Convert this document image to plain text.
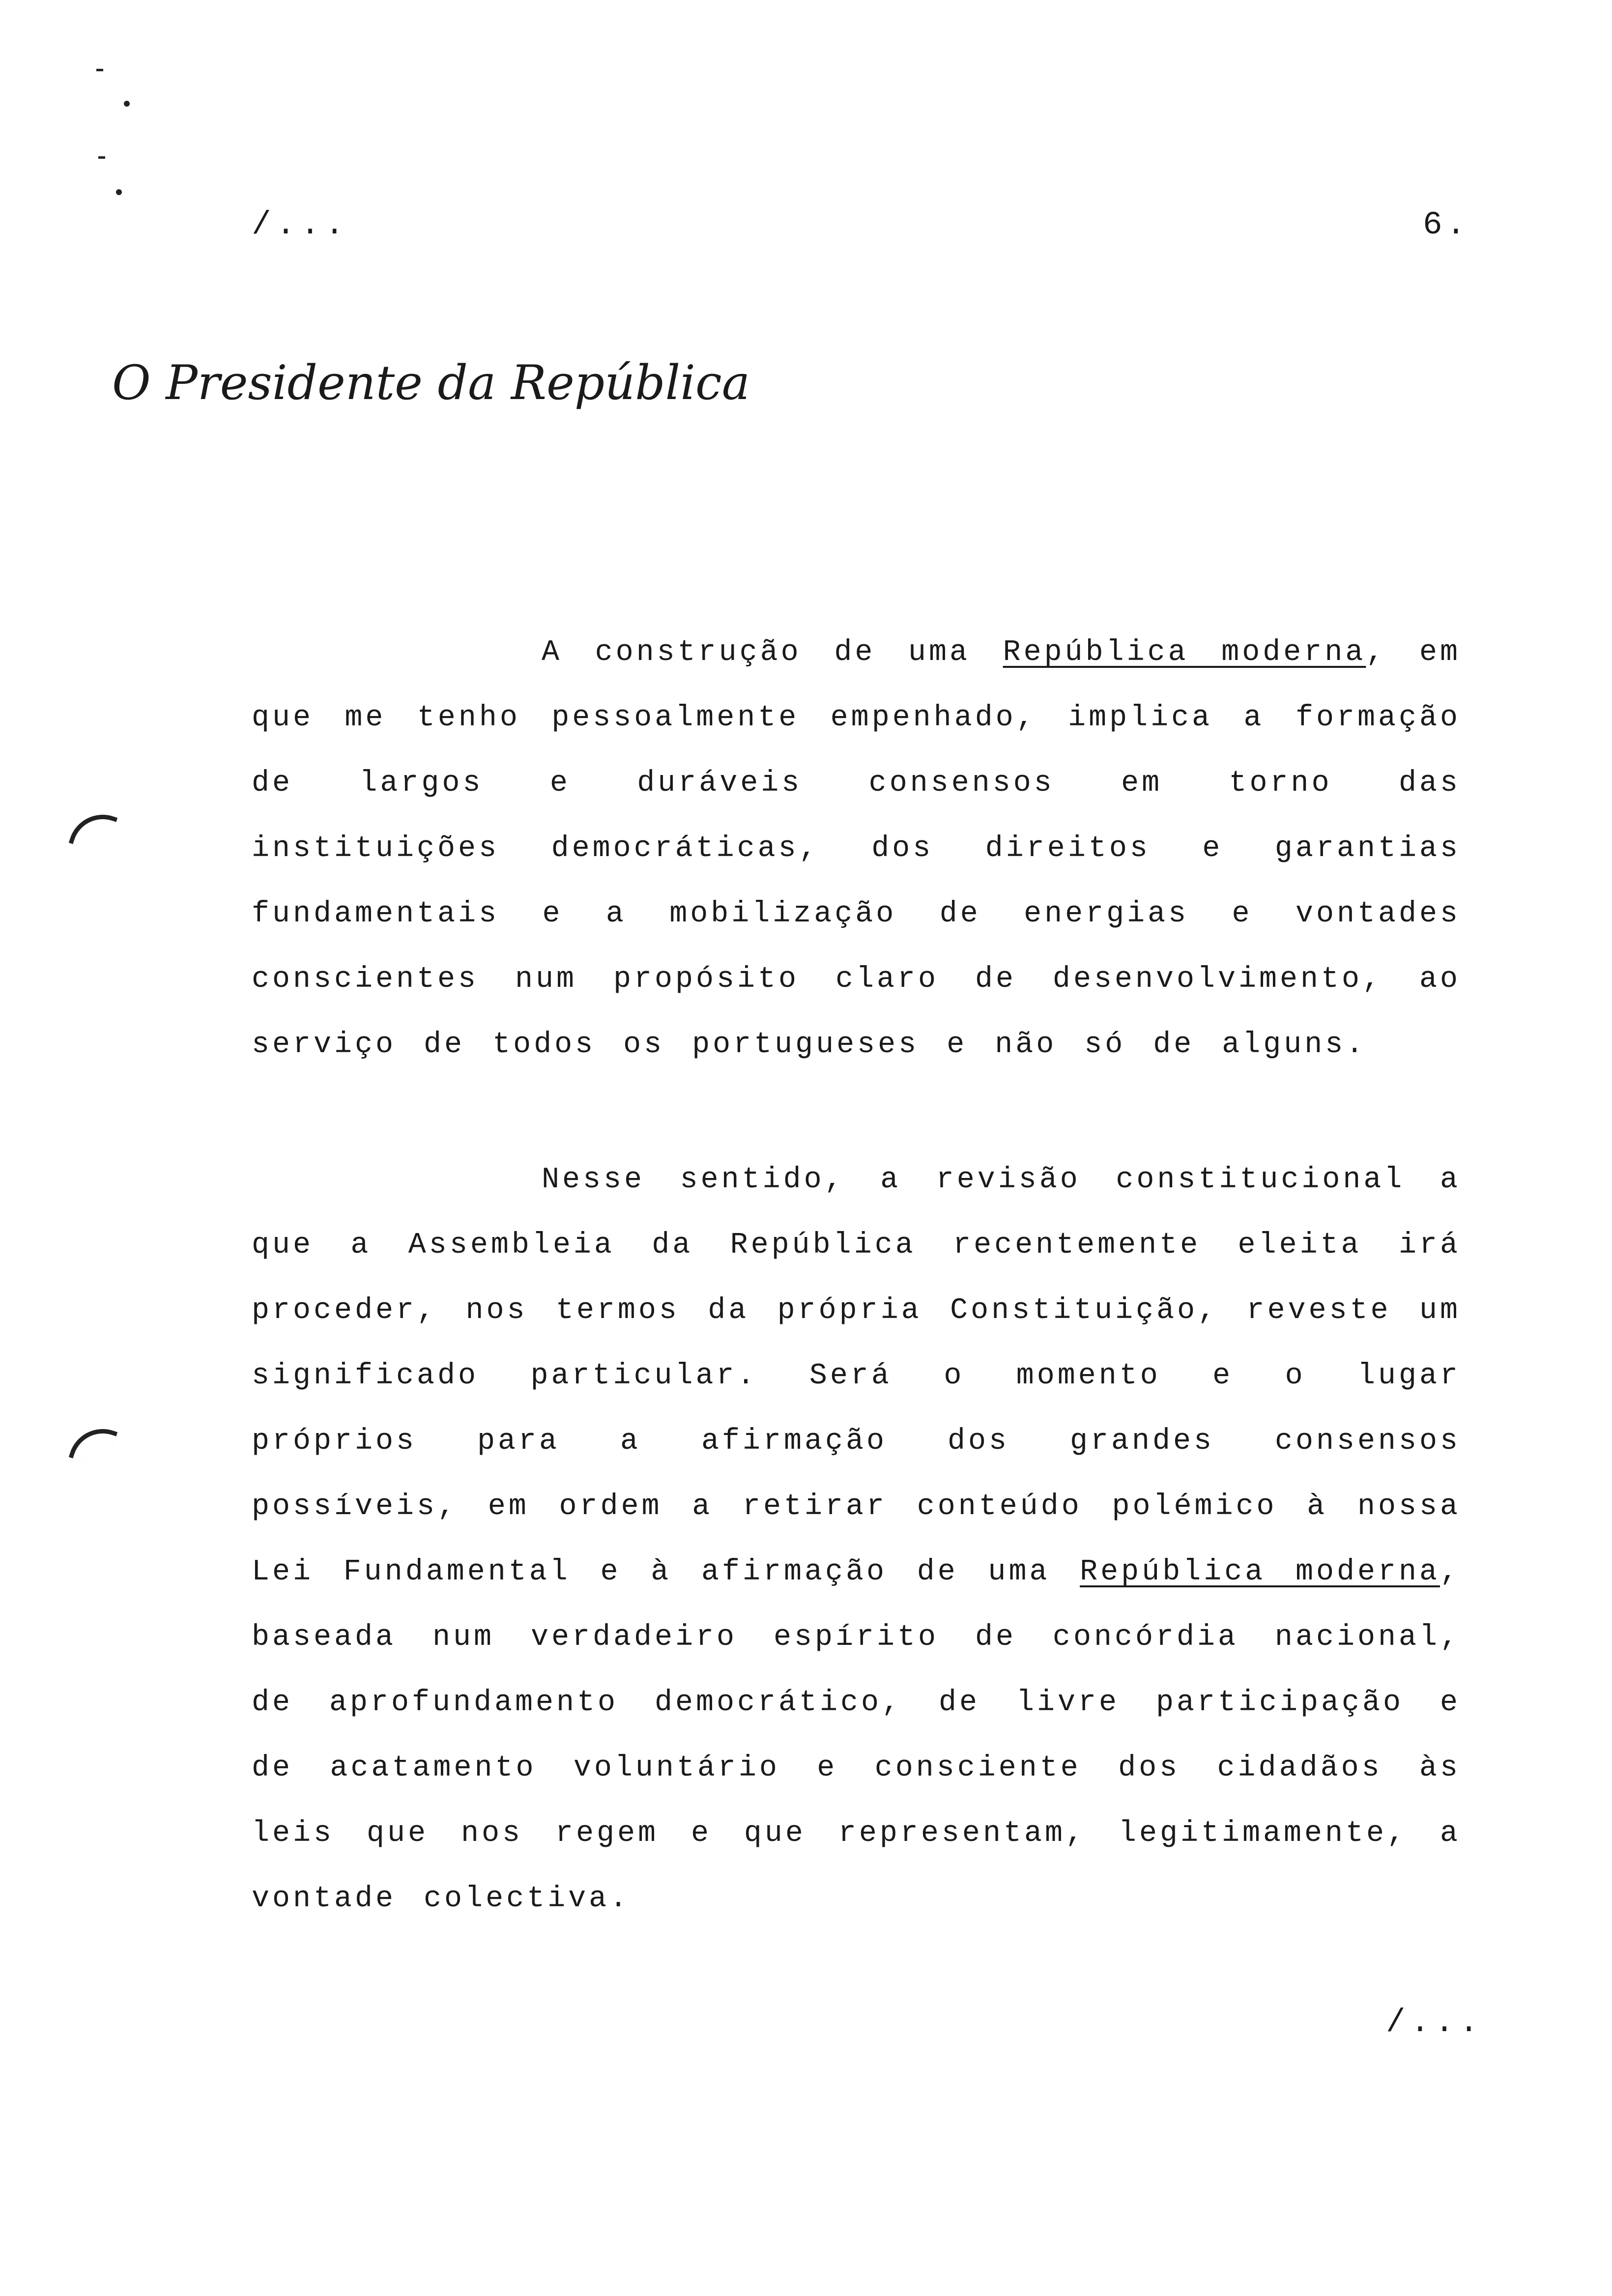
/...	6.
O Presidente da República
A construção de uma República moderna, em que me tenho pessoalmente empenhado, implica a formação de largos e duráveis consensos em torno das instituições democráticas, dos direitos e garantias fundamentais e a mobilização de energias e vontades conscientes num propósito claro de desenvolvimento, ao serviço de todos os portugueses e não só de alguns.
Nesse sentido, a revisão constitucional a que a Assembleia da República recentemente eleita irá proceder, nos termos da própria Constituição, reveste um significado particular. Será o momento e o lugar próprios para a afirmação dos grandes consensos possíveis, em ordem a retirar conteúdo polémico à nossa Lei Fundamental e à afirmação de uma República moderna, baseada num verdadeiro espírito de concórdia nacional, de aprofundamento democrático, de livre participação e de acatamento voluntário e consciente dos cidadãos às leis que nos regem e que representam, legitimamente, a vontade colectiva.
/...
